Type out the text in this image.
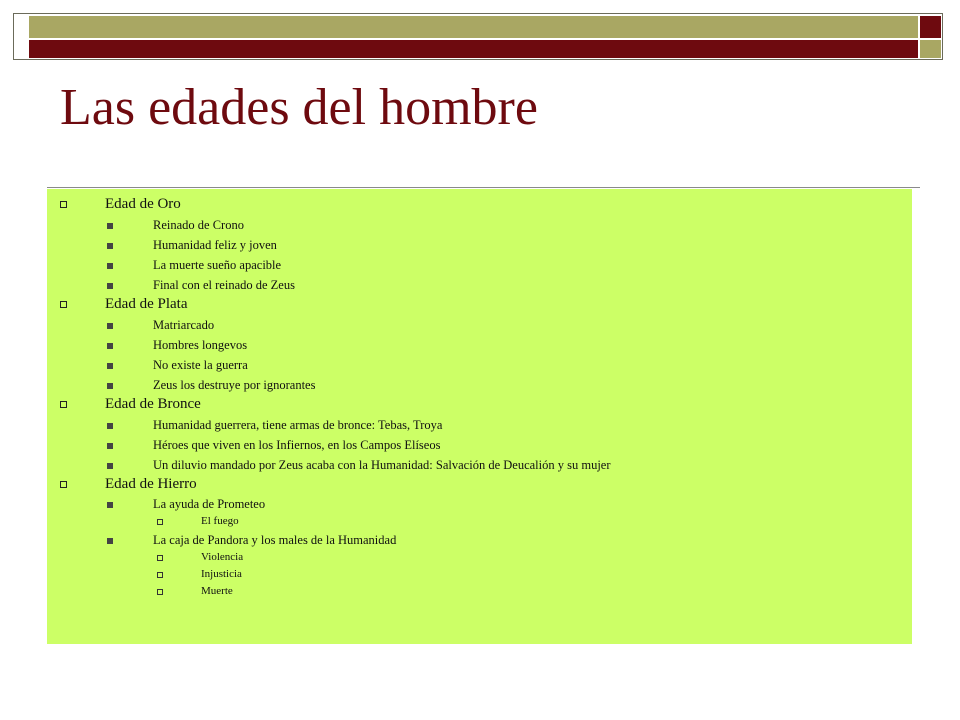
Las edades del hombre
Edad de Oro
Reinado de Crono
Humanidad feliz y joven
La muerte sueño apacible
Final con el reinado de Zeus
Edad de Plata
Matriarcado
Hombres longevos
No existe la guerra
Zeus los destruye por ignorantes
Edad de Bronce
Humanidad guerrera, tiene armas de bronce: Tebas, Troya
Héroes que viven en los Infiernos, en los Campos Elíseos
Un diluvio mandado por Zeus acaba con la Humanidad: Salvación de Deucalión y su mujer
Edad de Hierro
La ayuda de Prometeo
El fuego
La caja de Pandora y los males de la Humanidad
Violencia
Injusticia
Muerte
